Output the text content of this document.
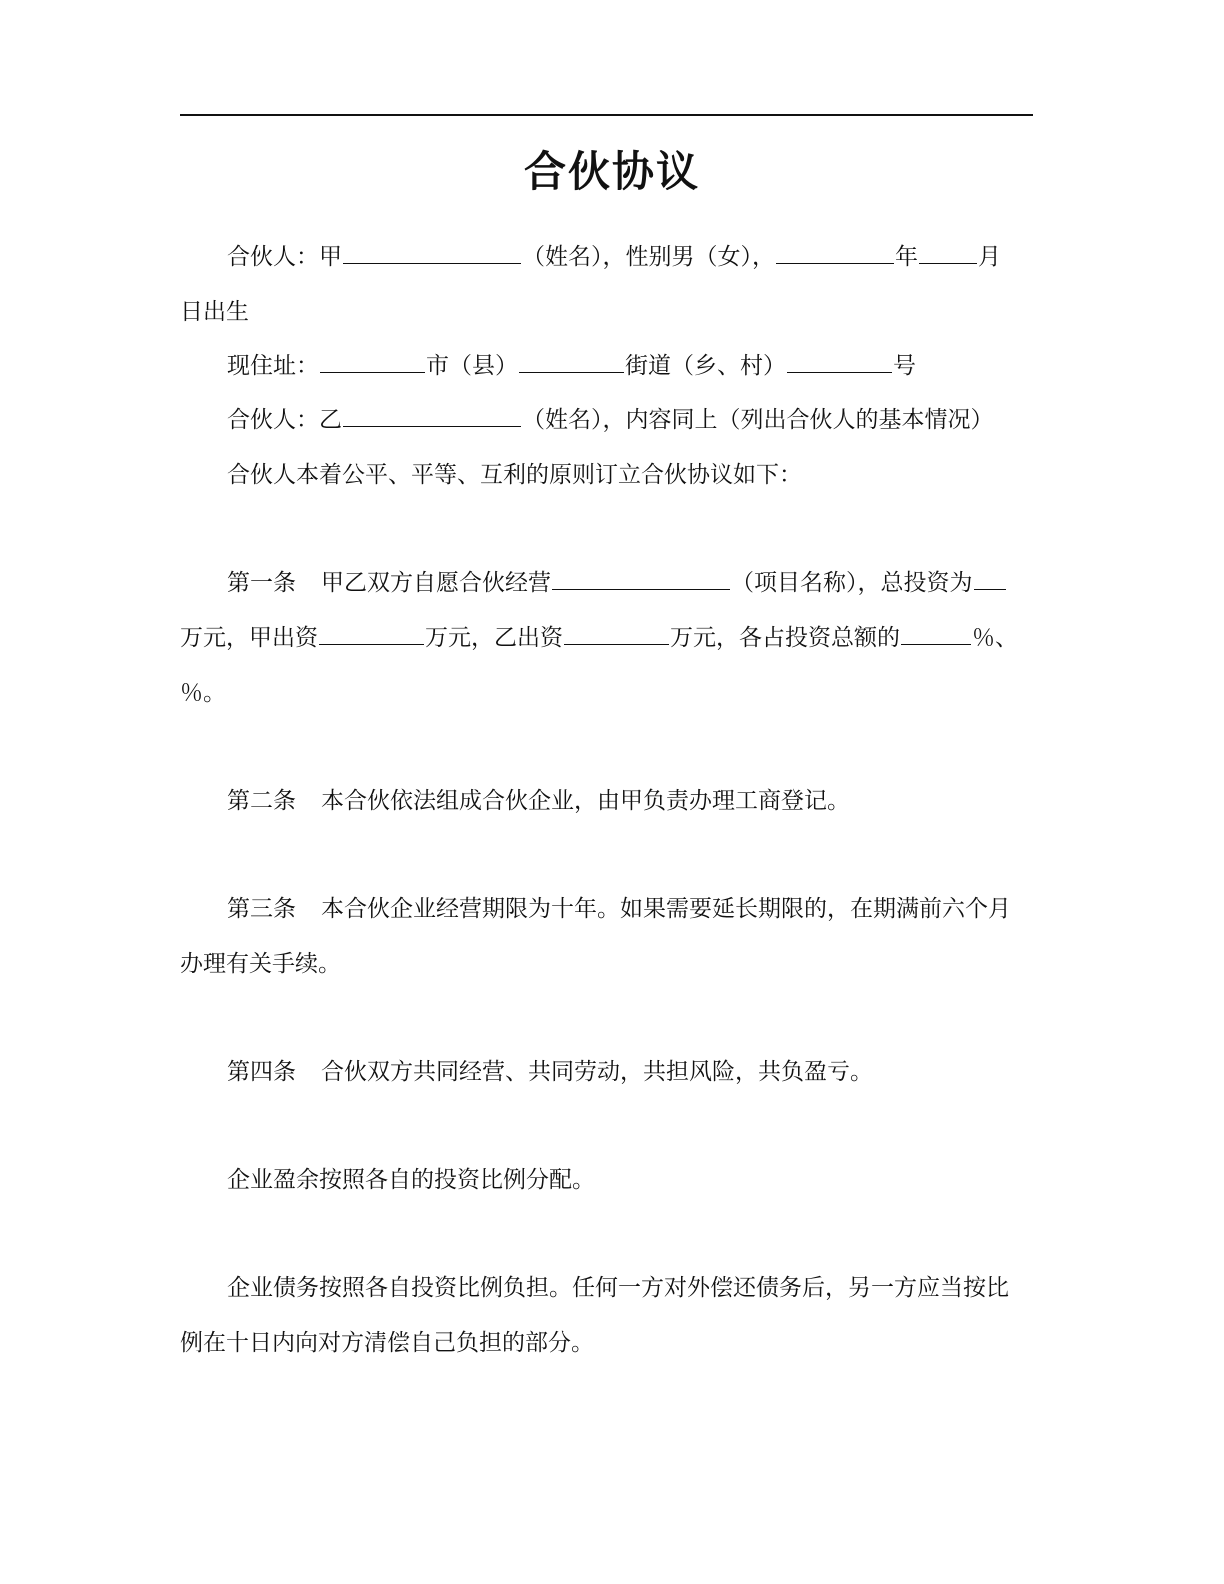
合伙协议
合伙人：甲	（姓名），性别男（女），	年	月
日出生
现住址：	市（县）	街道（乡、村）	号
合伙人：乙	（姓名），内容同上（列出合伙人的基本情况）
合伙人本着公平、平等、互利的原则订立合伙协议如下：
第一条 甲乙双方自愿合伙经营	（项目名称），总投资为
万元，甲出资	万元，乙出资	万元，各占投资总额的	％、
％。
第二条 本合伙依法组成合伙企业，由甲负责办理工商登记。
第三条 本合伙企业经营期限为十年。如果需要延长期限的，在期满前六个月
办理有关手续。
第四条 合伙双方共同经营、共同劳动，共担风险，共负盈亏。
企业盈余按照各自的投资比例分配。
企业债务按照各自投资比例负担。任何一方对外偿还债务后，另一方应当按比
例在十日内向对方清偿自己负担的部分。
